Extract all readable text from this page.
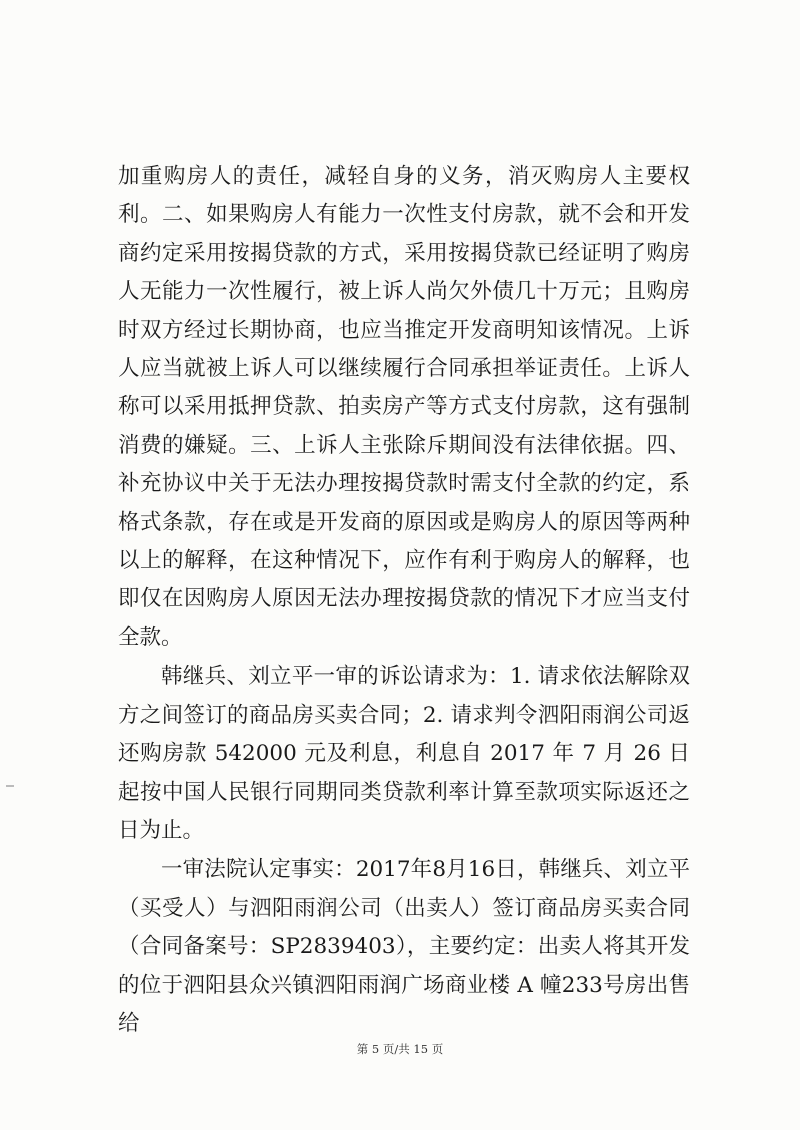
加重购房人的责任，减轻自身的义务，消灭购房人主要权利。二、如果购房人有能力一次性支付房款，就不会和开发商约定采用按揭贷款的方式，采用按揭贷款已经证明了购房人无能力一次性履行，被上诉人尚欠外债几十万元；且购房时双方经过长期协商，也应当推定开发商明知该情况。上诉人应当就被上诉人可以继续履行合同承担举证责任。上诉人称可以采用抵押贷款、拍卖房产等方式支付房款，这有强制消费的嫌疑。三、上诉人主张除斥期间没有法律依据。四、补充协议中关于无法办理按揭贷款时需支付全款的约定，系格式条款，存在或是开发商的原因或是购房人的原因等两种以上的解释，在这种情况下，应作有利于购房人的解释，也即仅在因购房人原因无法办理按揭贷款的情况下才应当支付全款。

韩继兵、刘立平一审的诉讼请求为：1. 请求依法解除双方之间签订的商品房买卖合同；2. 请求判令泗阳雨润公司返还购房款 542000 元及利息，利息自 2017 年 7 月 26 日起按中国人民银行同期同类贷款利率计算至款项实际返还之日为止。

一审法院认定事实：2017年8月16日，韩继兵、刘立平（买受人）与泗阳雨润公司（出卖人）签订商品房买卖合同（合同备案号：SP2839403），主要约定：出卖人将其开发的位于泗阳县众兴镇泗阳雨润广场商业楼 A 幢233号房出售给

第 5 页/共 15 页
